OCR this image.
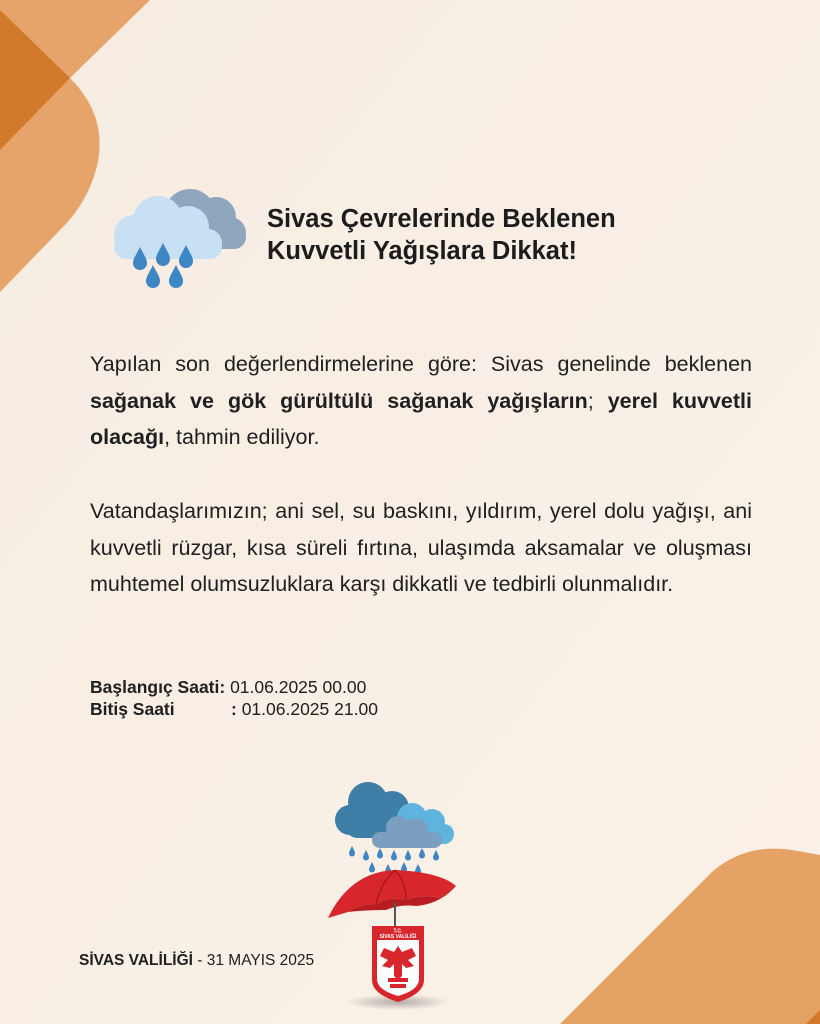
Sivas Çevrelerinde Beklenen
Kuvvetli Yağışlara Dikkat!

Yapılan son değerlendirmelerine göre: Sivas genelinde beklenen sağanak ve gök gürültülü sağanak yağışların; yerel kuvvetli olacağı, tahmin ediliyor.

Vatandaşlarımızın; ani sel, su baskını, yıldırım, yerel dolu yağışı, ani kuvvetli rüzgar, kısa süreli fırtına, ulaşımda aksamalar ve oluşması muhtemel olumsuzluklara karşı dikkatli ve tedbirli olunmalıdır.

Başlangıç Saati: 01.06.2025 00.00
Bitiş Saati	: 01.06.2025 21.00
T.C.
SİVAS VALİLİĞİ
SİVAS VALİLİĞİ - 31 MAYIS 2025
